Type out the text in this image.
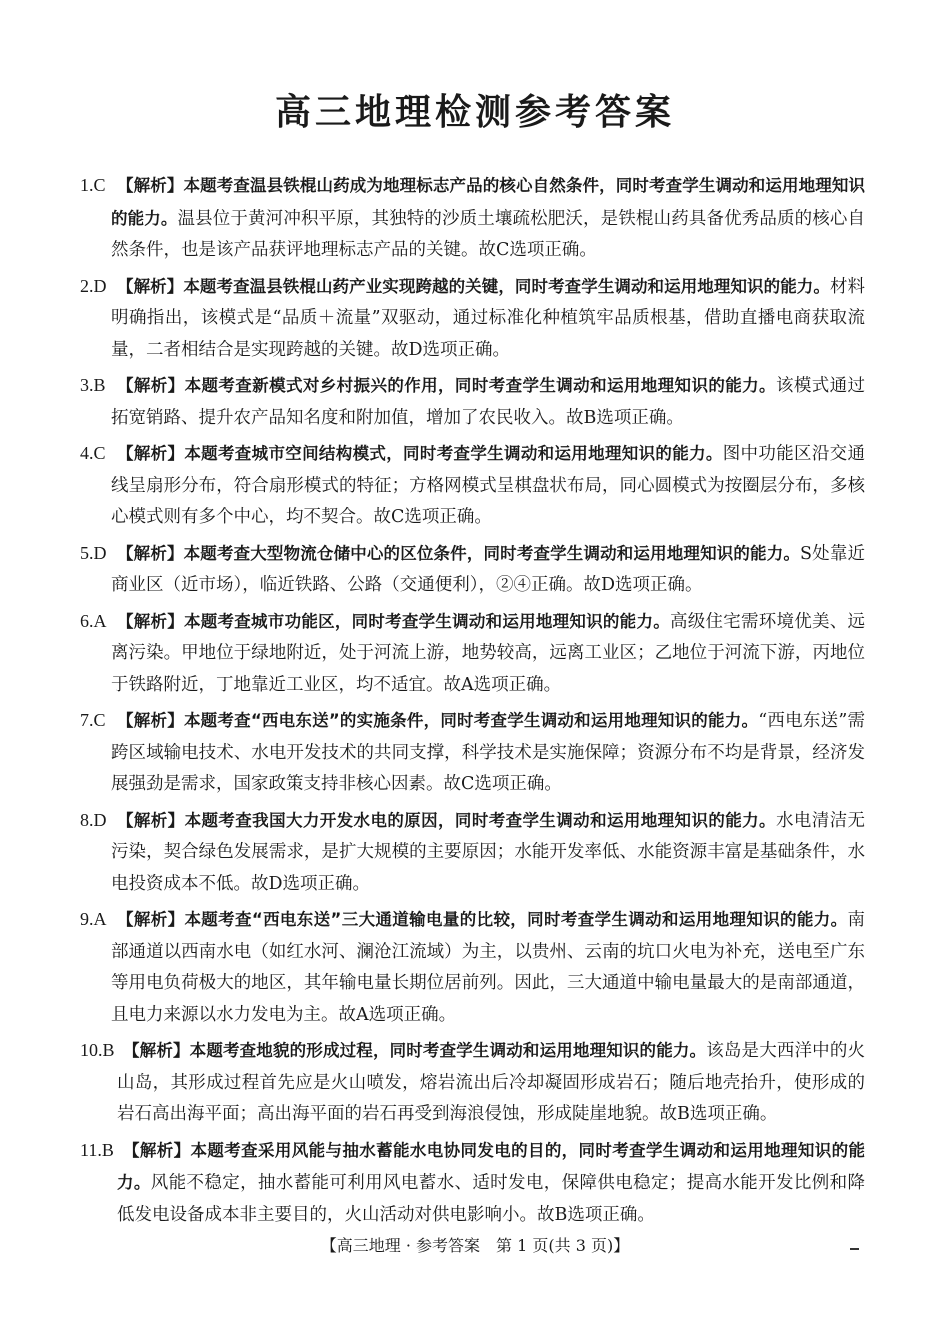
高三地理检测参考答案
1.C 【解析】本题考查温县铁棍山药成为地理标志产品的核心自然条件，同时考查学生调动和运用地理知识的能力。温县位于黄河冲积平原，其独特的沙质土壤疏松肥沃，是铁棍山药具备优秀品质的核心自然条件，也是该产品获评地理标志产品的关键。故C选项正确。
2.D 【解析】本题考查温县铁棍山药产业实现跨越的关键，同时考查学生调动和运用地理知识的能力。材料明确指出，该模式是“品质＋流量”双驱动，通过标准化种植筑牢品质根基，借助直播电商获取流量，二者相结合是实现跨越的关键。故D选项正确。
3.B 【解析】本题考查新模式对乡村振兴的作用，同时考查学生调动和运用地理知识的能力。该模式通过拓宽销路、提升农产品知名度和附加值，增加了农民收入。故B选项正确。
4.C 【解析】本题考查城市空间结构模式，同时考查学生调动和运用地理知识的能力。图中功能区沿交通线呈扇形分布，符合扇形模式的特征；方格网模式呈棋盘状布局，同心圆模式为按圈层分布，多核心模式则有多个中心，均不契合。故C选项正确。
5.D 【解析】本题考查大型物流仓储中心的区位条件，同时考查学生调动和运用地理知识的能力。S处靠近商业区（近市场），临近铁路、公路（交通便利），②④正确。故D选项正确。
6.A 【解析】本题考查城市功能区，同时考查学生调动和运用地理知识的能力。高级住宅需环境优美、远离污染。甲地位于绿地附近，处于河流上游，地势较高，远离工业区；乙地位于河流下游，丙地位于铁路附近，丁地靠近工业区，均不适宜。故A选项正确。
7.C 【解析】本题考查“西电东送”的实施条件，同时考查学生调动和运用地理知识的能力。“西电东送”需跨区域输电技术、水电开发技术的共同支撑，科学技术是实施保障；资源分布不均是背景，经济发展强劲是需求，国家政策支持非核心因素。故C选项正确。
8.D 【解析】本题考查我国大力开发水电的原因，同时考查学生调动和运用地理知识的能力。水电清洁无污染，契合绿色发展需求，是扩大规模的主要原因；水能开发率低、水能资源丰富是基础条件，水电投资成本不低。故D选项正确。
9.A 【解析】本题考查“西电东送”三大通道输电量的比较，同时考查学生调动和运用地理知识的能力。南部通道以西南水电（如红水河、澜沧江流域）为主，以贵州、云南的坑口火电为补充，送电至广东等用电负荷极大的地区，其年输电量长期位居前列。因此，三大通道中输电量最大的是南部通道，且电力来源以水力发电为主。故A选项正确。
10.B 【解析】本题考查地貌的形成过程，同时考查学生调动和运用地理知识的能力。该岛是大西洋中的火山岛，其形成过程首先应是火山喷发，熔岩流出后冷却凝固形成岩石；随后地壳抬升，使形成的岩石高出海平面；高出海平面的岩石再受到海浪侵蚀，形成陡崖地貌。故B选项正确。
11.B 【解析】本题考查采用风能与抽水蓄能水电协同发电的目的，同时考查学生调动和运用地理知识的能力。风能不稳定，抽水蓄能可利用风电蓄水、适时发电，保障供电稳定；提高水能开发比例和降低发电设备成本非主要目的，火山活动对供电影响小。故B选项正确。
【高三地理 · 参考答案　第 1 页(共 3 页)】
